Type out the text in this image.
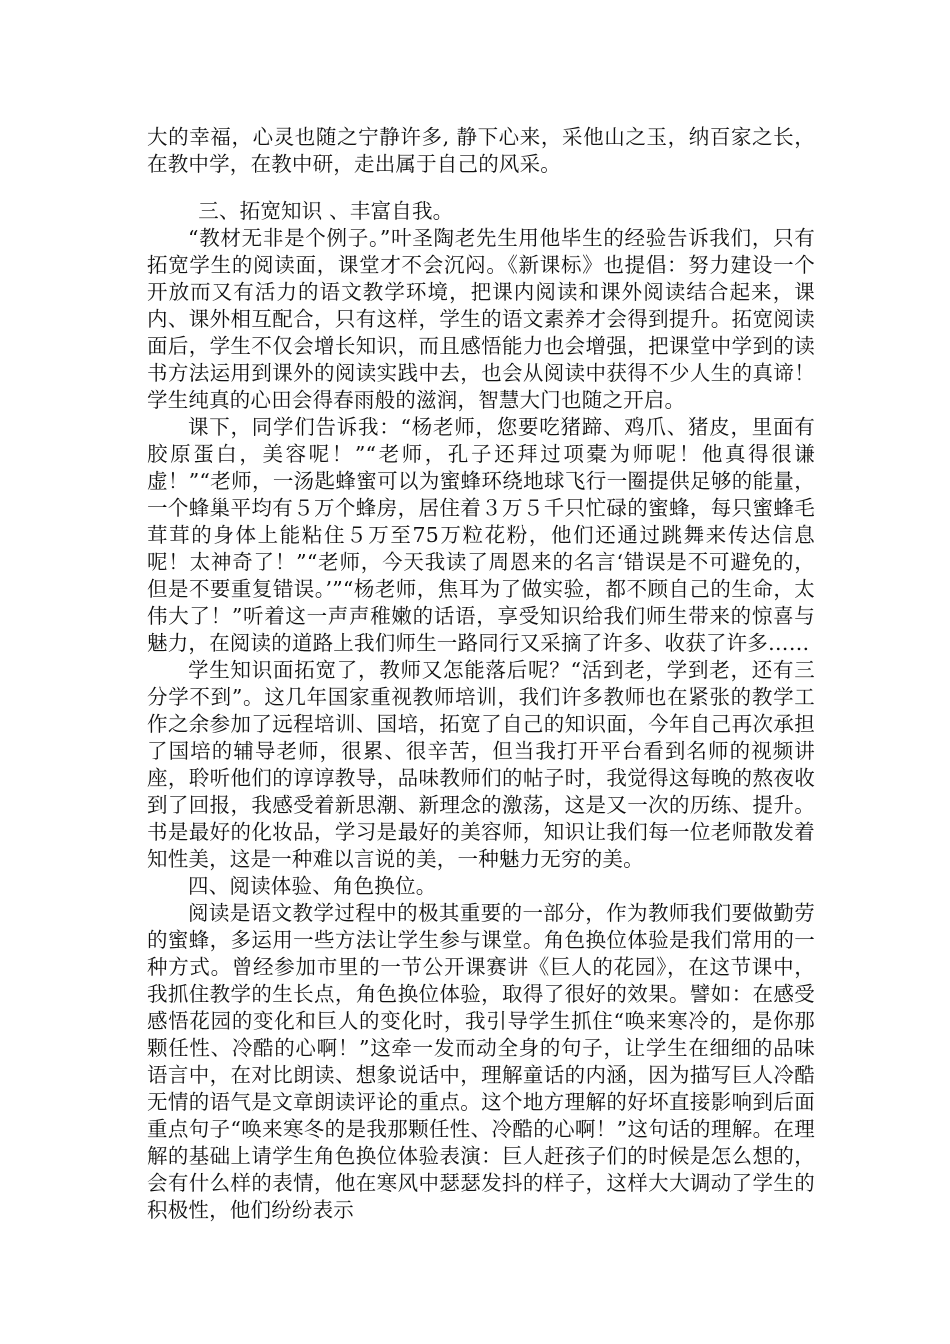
大的幸福，心灵也随之宁静许多, 静下心来，采他山之玉，纳百家之长，在教中学，在教中研，走出属于自己的风采。

三、拓宽知识 、丰富自我。

“教材无非是个例子。”叶圣陶老先生用他毕生的经验告诉我们，只有拓宽学生的阅读面，课堂才不会沉闷。《新课标》也提倡：努力建设一个开放而又有活力的语文教学环境，把课内阅读和课外阅读结合起来，课内、课外相互配合，只有这样，学生的语文素养才会得到提升。拓宽阅读面后，学生不仅会增长知识，而且感悟能力也会增强，把课堂中学到的读书方法运用到课外的阅读实践中去，也会从阅读中获得不少人生的真谛！学生纯真的心田会得春雨般的滋润，智慧大门也随之开启。

课下，同学们告诉我：“杨老师，您要吃猪蹄、鸡爪、猪皮，里面有胶原蛋白，美容呢！”“老师，孔子还拜过项橐为师呢！他真得很谦虚！”“老师，一汤匙蜂蜜可以为蜜蜂环绕地球飞行一圈提供足够的能量，一个蜂巢平均有５万个蜂房，居住着３万５千只忙碌的蜜蜂，每只蜜蜂毛茸茸的身体上能粘住５万至75万粒花粉，他们还通过跳舞来传达信息呢！太神奇了！”“老师，今天我读了周恩来的名言‘错误是不可避免的，但是不要重复错误。’”“杨老师，焦耳为了做实验，都不顾自己的生命，太伟大了！”听着这一声声稚嫩的话语，享受知识给我们师生带来的惊喜与魅力，在阅读的道路上我们师生一路同行又采摘了许多、收获了许多……

学生知识面拓宽了，教师又怎能落后呢？“活到老，学到老，还有三分学不到”。这几年国家重视教师培训，我们许多教师也在紧张的教学工作之余参加了远程培训、国培，拓宽了自己的知识面，今年自己再次承担了国培的辅导老师，很累、很辛苦，但当我打开平台看到名师的视频讲座，聆听他们的谆谆教导，品味教师们的帖子时，我觉得这每晚的熬夜收到了回报，我感受着新思潮、新理念的激荡，这是又一次的历练、提升。书是最好的化妆品，学习是最好的美容师，知识让我们每一位老师散发着知性美，这是一种难以言说的美，一种魅力无穷的美。

四、阅读体验、角色换位。

阅读是语文教学过程中的极其重要的一部分，作为教师我们要做勤劳的蜜蜂，多运用一些方法让学生参与课堂。角色换位体验是我们常用的一种方式。曾经参加市里的一节公开课赛讲《巨人的花园》，在这节课中，我抓住教学的生长点，角色换位体验，取得了很好的效果。譬如：在感受感悟花园的变化和巨人的变化时，我引导学生抓住“唤来寒冷的，是你那颗任性、冷酷的心啊！”这牵一发而动全身的句子，让学生在细细的品味语言中，在对比朗读、想象说话中，理解童话的内涵，因为描写巨人冷酷无情的语气是文章朗读评论的重点。这个地方理解的好坏直接影响到后面重点句子“唤来寒冬的是我那颗任性、冷酷的心啊！”这句话的理解。在理解的基础上请学生角色换位体验表演：巨人赶孩子们的时候是怎么想的，会有什么样的表情，他在寒风中瑟瑟发抖的样子，这样大大调动了学生的积极性，他们纷纷表示
